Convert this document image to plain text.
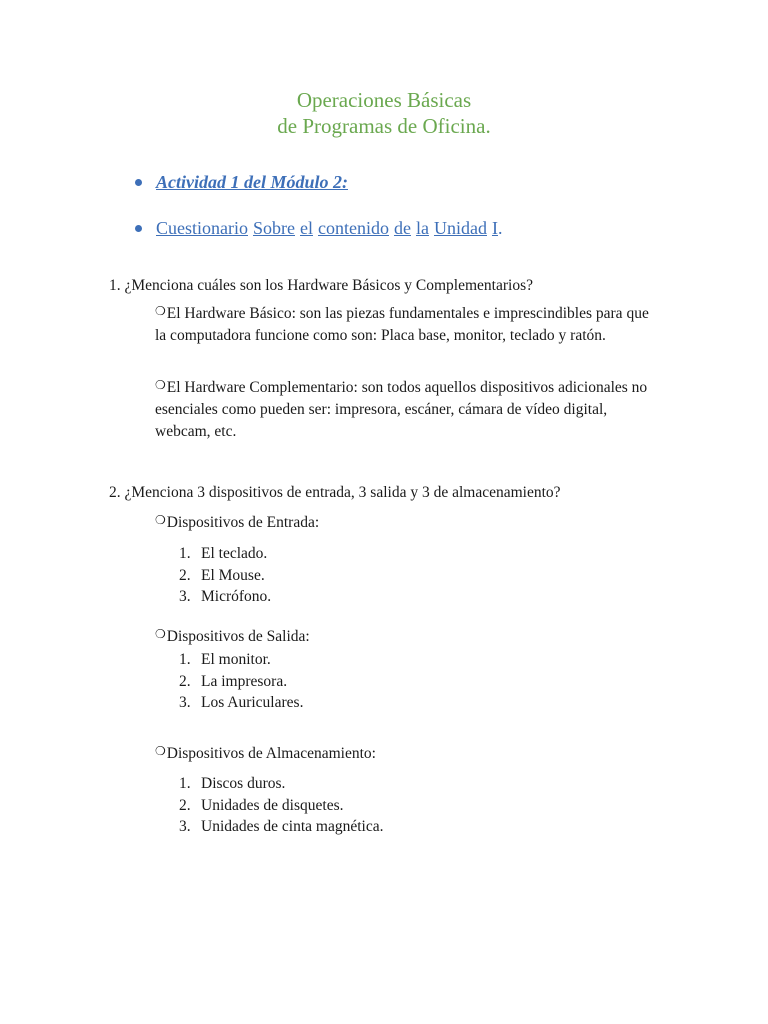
Operaciones Básicas
de Programas de Oficina.
Actividad 1 del Módulo 2:
Cuestionario Sobre el contenido de la Unidad I .
1. ¿Menciona cuáles son los Hardware Básicos y Complementarios?
❍El Hardware Básico: son las piezas fundamentales e imprescindibles para que la computadora funcione como son: Placa base, monitor, teclado y ratón.
❍El Hardware Complementario: son todos aquellos dispositivos adicionales no esenciales como pueden ser: impresora, escáner, cámara de vídeo digital, webcam, etc.
2. ¿Menciona 3 dispositivos de entrada, 3 salida y 3 de almacenamiento?
❍Dispositivos de Entrada:
1. El teclado.
2. El Mouse.
3. Micrófono.
❍Dispositivos de Salida:
1. El monitor.
2. La impresora.
3. Los Auriculares.
❍Dispositivos de Almacenamiento:
1. Discos duros.
2. Unidades de disquetes.
3. Unidades de cinta magnética.
